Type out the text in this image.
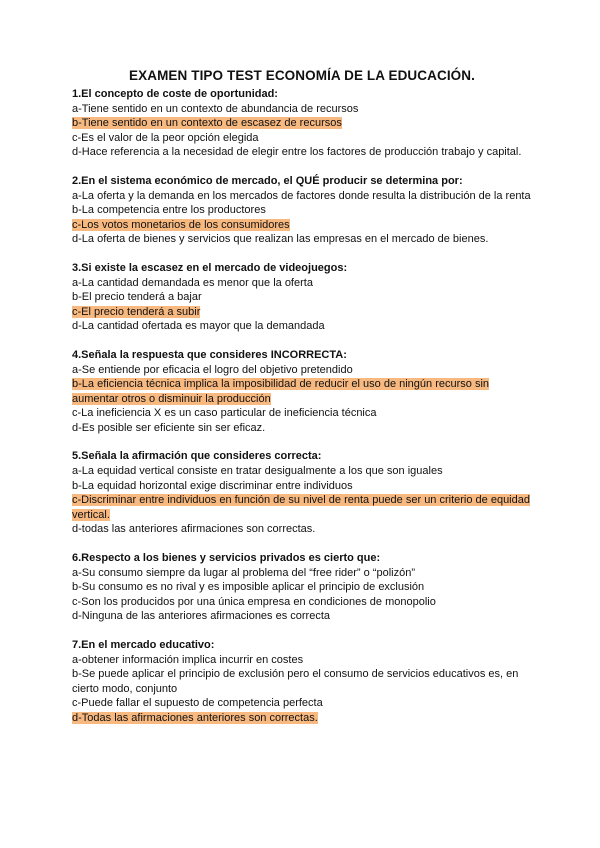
EXAMEN TIPO TEST ECONOMÍA DE LA EDUCACIÓN.

1.El concepto de coste de oportunidad:

a-Tiene sentido en un contexto de abundancia de recursos

b-Tiene sentido en un contexto de escasez de recursos

c-Es el valor de la peor opción elegida

d-Hace referencia a la necesidad de elegir entre los factores de producción trabajo y capital.

2.En el sistema económico de mercado, el QUÉ producir se determina por:

a-La oferta y la demanda en los mercados de factores donde resulta la distribución de la renta

b-La competencia entre los productores

c-Los votos monetarios de los consumidores

d-La oferta de bienes y servicios que realizan las empresas en el mercado de bienes.

3.Si existe la escasez en el mercado de videojuegos:

a-La cantidad demandada es menor que la oferta

b-El precio tenderá a bajar

c-El precio tenderá a subir

d-La cantidad ofertada es mayor que la demandada

4.Señala la respuesta que consideres INCORRECTA:

a-Se entiende por eficacia el logro del objetivo pretendido

b-La eficiencia técnica implica la imposibilidad de reducir el uso de ningún recurso sin aumentar otros o disminuir la producción

c-La ineficiencia X es un caso particular de ineficiencia técnica

d-Es posible ser eficiente sin ser eficaz.

5.Señala la afirmación que consideres correcta:

a-La equidad vertical consiste en tratar desigualmente a los que son iguales

b-La equidad horizontal exige discriminar entre individuos

c-Discriminar entre individuos en función de su nivel de renta puede ser un criterio de equidad vertical.

d-todas las anteriores afirmaciones son correctas.

6.Respecto a los bienes y servicios privados es cierto que:

a-Su consumo siempre da lugar al problema del “free rider” o “polizón”

b-Su consumo es no rival y es imposible aplicar el principio de exclusión

c-Son los producidos por una única empresa en condiciones de monopolio

d-Ninguna de las anteriores afirmaciones es correcta

7.En el mercado educativo:

a-obtener información implica incurrir en costes

b-Se puede aplicar el principio de exclusión pero el consumo de servicios educativos es, en cierto modo, conjunto

c-Puede fallar el supuesto de competencia perfecta

d-Todas las afirmaciones anteriores son correctas.
